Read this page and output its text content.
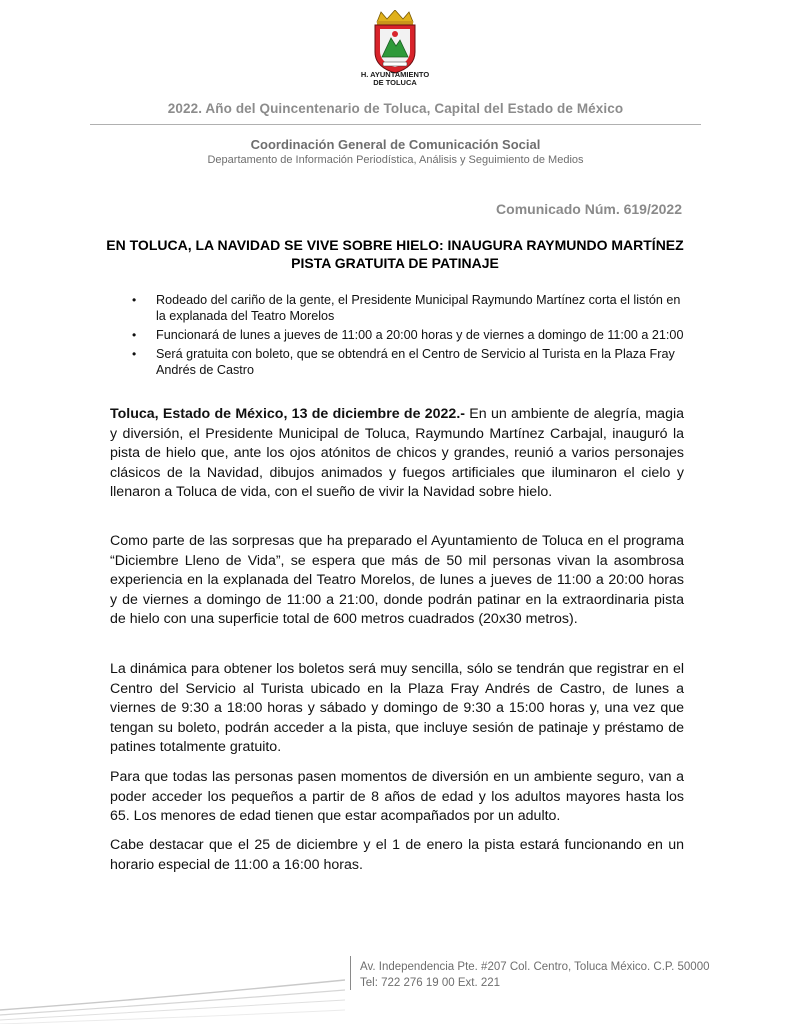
H. AYUNTAMIENTO
DE TOLUCA
2022. Año del Quincentenario de Toluca, Capital del Estado de México
Coordinación General de Comunicación Social
Departamento de Información Periodística, Análisis y Seguimiento de Medios
Comunicado Núm. 619/2022
EN TOLUCA, LA NAVIDAD SE VIVE SOBRE HIELO: INAUGURA RAYMUNDO MARTÍNEZ PISTA GRATUITA DE PATINAJE
• Rodeado del cariño de la gente, el Presidente Municipal Raymundo Martínez corta el listón en la explanada del Teatro Morelos
• Funcionará de lunes a jueves de 11:00 a 20:00 horas y de viernes a domingo de 11:00 a 21:00
• Será gratuita con boleto, que se obtendrá en el Centro de Servicio al Turista en la Plaza Fray Andrés de Castro
Toluca, Estado de México, 13 de diciembre de 2022.- En un ambiente de alegría, magia y diversión, el Presidente Municipal de Toluca, Raymundo Martínez Carbajal, inauguró la pista de hielo que, ante los ojos atónitos de chicos y grandes, reunió a varios personajes clásicos de la Navidad, dibujos animados y fuegos artificiales que iluminaron el cielo y llenaron a Toluca de vida, con el sueño de vivir la Navidad sobre hielo.
Como parte de las sorpresas que ha preparado el Ayuntamiento de Toluca en el programa “Diciembre Lleno de Vida”, se espera que más de 50 mil personas vivan la asombrosa experiencia en la explanada del Teatro Morelos, de lunes a jueves de 11:00 a 20:00 horas y de viernes a domingo de 11:00 a 21:00, donde podrán patinar en la extraordinaria pista de hielo con una superficie total de 600 metros cuadrados (20x30 metros).
La dinámica para obtener los boletos será muy sencilla, sólo se tendrán que registrar en el Centro del Servicio al Turista ubicado en la Plaza Fray Andrés de Castro, de lunes a viernes de 9:30 a 18:00 horas y sábado y domingo de 9:30 a 15:00 horas y, una vez que tengan su boleto, podrán acceder a la pista, que incluye sesión de patinaje y préstamo de patines totalmente gratuito.
Para que todas las personas pasen momentos de diversión en un ambiente seguro, van a poder acceder los pequeños a partir de 8 años de edad y los adultos mayores hasta los 65. Los menores de edad tienen que estar acompañados por un adulto.
Cabe destacar que el 25 de diciembre y el 1 de enero la pista estará funcionando en un horario especial de 11:00 a 16:00 horas.
Av. Independencia Pte. #207 Col. Centro, Toluca México. C.P. 50000
Tel: 722 276 19 00 Ext. 221
